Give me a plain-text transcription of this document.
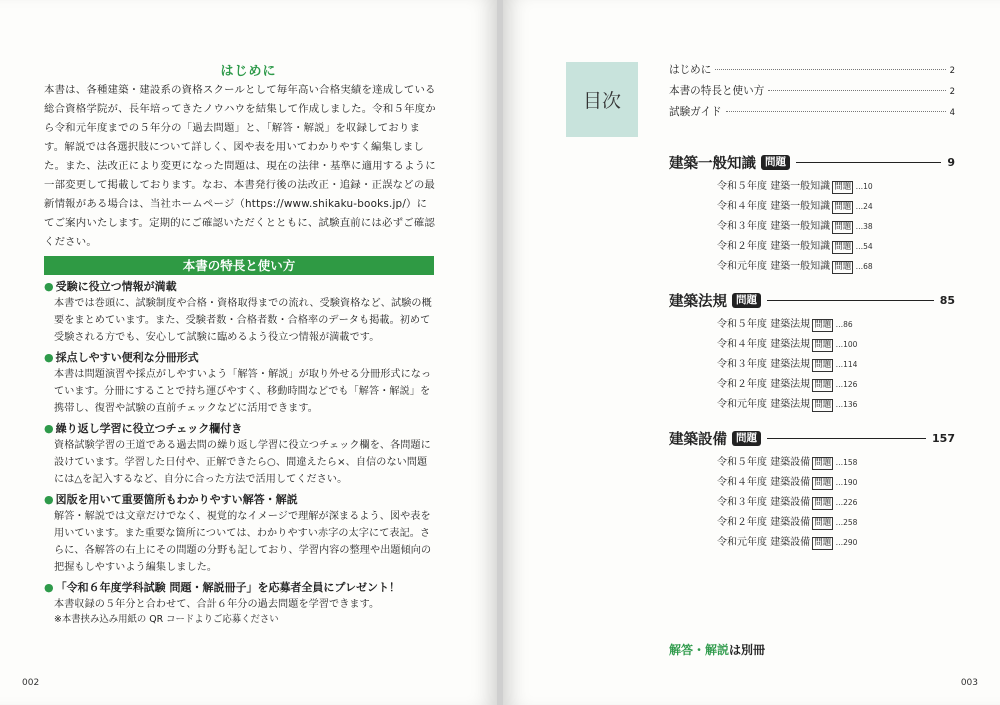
はじめに

本書は、各種建築・建設系の資格スクールとして毎年高い合格実績を達成している総合資格学院が、長年培ってきたノウハウを結集して作成しました。令和５年度から令和元年度までの５年分の「過去問題」と、「解答・解説」を収録しております。解説では各選択肢について詳しく、図や表を用いてわかりやすく編集しました。また、法改正により変更になった問題は、現在の法律・基準に適用するように一部変更して掲載しております。なお、本書発行後の法改正・追録・正誤などの最新情報がある場合は、当社ホームページ（https://www.shikaku-books.jp/）にてご案内いたします。定期的にご確認いただくとともに、試験直前には必ずご確認ください。

本書の特長と使い方
● 受験に役立つ情報が満載
本書では巻頭に、試験制度や合格・資格取得までの流れ、受験資格など、試験の概要をまとめています。また、受験者数・合格者数・合格率のデータも掲載。初めて受験される方でも、安心して試験に臨めるよう役立つ情報が満載です。
● 採点しやすい便利な分冊形式
本書は問題演習や採点がしやすいよう「解答・解説」が取り外せる分冊形式になっています。分冊にすることで持ち運びやすく、移動時間などでも「解答・解説」を携帯し、復習や試験の直前チェックなどに活用できます。
● 繰り返し学習に役立つチェック欄付き
資格試験学習の王道である過去問の繰り返し学習に役立つチェック欄を、各問題に設けています。学習した日付や、正解できたら○、間違えたら×、自信のない問題には△を記入するなど、自分に合った方法で活用してください。
● 図版を用いて重要箇所もわかりやすい解答・解説
解答・解説では文章だけでなく、視覚的なイメージで理解が深まるよう、図や表を用いています。また重要な箇所については、わかりやすい赤字の太字にて表記。さらに、各解答の右上にその問題の分野も記しており、学習内容の整理や出題傾向の把握もしやすいよう編集しました。
● 「令和６年度学科試験 問題・解説冊子」を応募者全員にプレゼント！
本書収録の５年分と合わせて、合計６年分の過去問題を学習できます。
※本書挟み込み用紙の QR コードよりご応募ください
002
目次
はじめに	2
本書の特長と使い方	2
試験ガイド	4
建築一般知識 問題	9
令和５年度 建築一般知識 問題 …10
令和４年度 建築一般知識 問題 …24
令和３年度 建築一般知識 問題 …38
令和２年度 建築一般知識 問題 …54
令和元年度 建築一般知識 問題 …68
建築法規 問題	85
令和５年度 建築法規 問題 …86
令和４年度 建築法規 問題 …100
令和３年度 建築法規 問題 …114
令和２年度 建築法規 問題 …126
令和元年度 建築法規 問題 …136
建築設備 問題	157
令和５年度 建築設備 問題 …158
令和４年度 建築設備 問題 …190
令和３年度 建築設備 問題 …226
令和２年度 建築設備 問題 …258
令和元年度 建築設備 問題 …290
解答・解説は別冊
003
